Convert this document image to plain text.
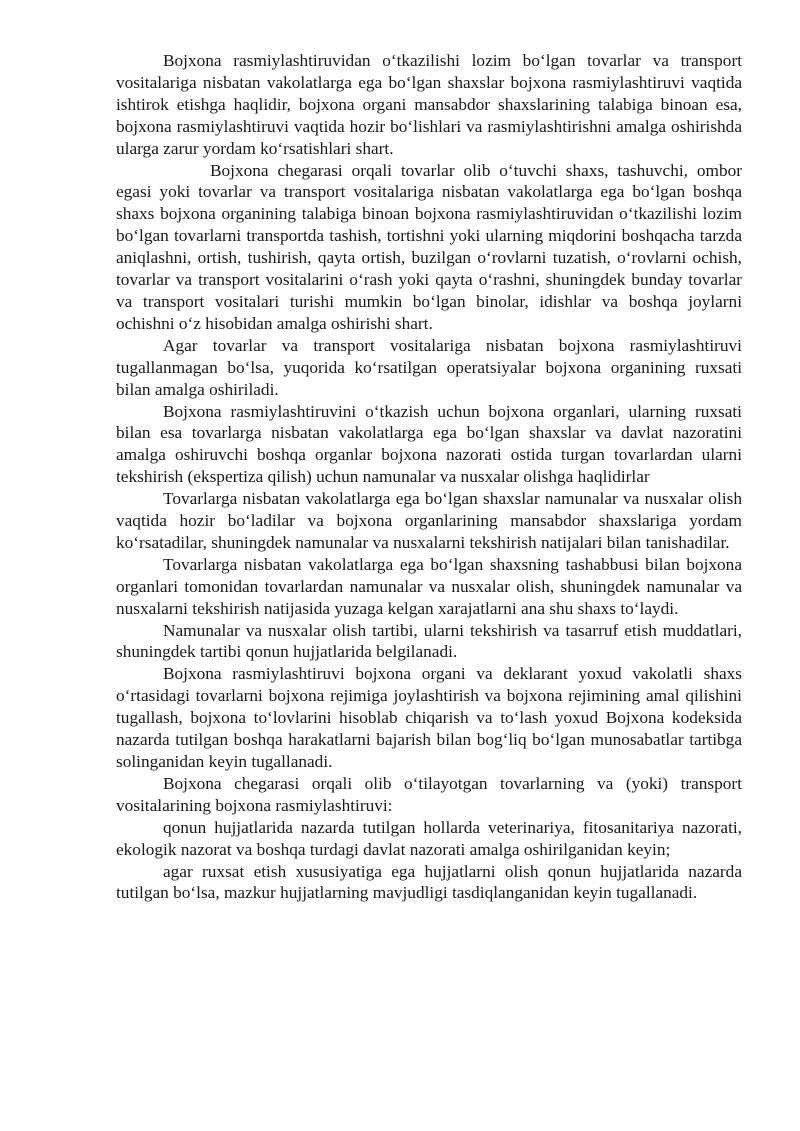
Bojxona rasmiylashtiruvidan o‘tkazilishi lozim bo‘lgan tovarlar va transport vositalariga nisbatan vakolatlarga ega bo‘lgan shaxslar bojxona rasmiylashtiruvi vaqtida ishtirok etishga haqlidir, bojxona organi mansabdor shaxslarining talabiga binoan esa, bojxona rasmiylashtiruvi vaqtida hozir bo‘lishlari va rasmiylashtirishni amalga oshirishda ularga zarur yordam ko‘rsatishlari shart.

Bojxona chegarasi orqali tovarlar olib o‘tuvchi shaxs, tashuvchi, ombor egasi yoki tovarlar va transport vositalariga nisbatan vakolatlarga ega bo‘lgan boshqa shaxs bojxona organining talabiga binoan bojxona rasmiylashtiruvidan o‘tkazilishi lozim bo‘lgan tovarlarni transportda tashish, tortishni yoki ularning miqdorini boshqacha tarzda aniqlashni, ortish, tushirish, qayta ortish, buzilgan o‘rovlarni tuzatish, o‘rovlarni ochish, tovarlar va transport vositalarini o‘rash yoki qayta o‘rashni, shuningdek bunday tovarlar va transport vositalari turishi mumkin bo‘lgan binolar, idishlar va boshqa joylarni ochishni o‘z hisobidan amalga oshirishi shart.

Agar tovarlar va transport vositalariga nisbatan bojxona rasmiylashtiruvi tugallanmagan bo‘lsa, yuqorida ko‘rsatilgan operatsiyalar bojxona organining ruxsati bilan amalga oshiriladi.

Bojxona rasmiylashtiruvini o‘tkazish uchun bojxona organlari, ularning ruxsati bilan esa tovarlarga nisbatan vakolatlarga ega bo‘lgan shaxslar va davlat nazoratini amalga oshiruvchi boshqa organlar bojxona nazorati ostida turgan tovarlardan ularni tekshirish (ekspertiza qilish) uchun namunalar va nusxalar olishga haqlidirlar

Tovarlarga nisbatan vakolatlarga ega bo‘lgan shaxslar namunalar va nusxalar olish vaqtida hozir bo‘ladilar va bojxona organlarining mansabdor shaxslariga yordam ko‘rsatadilar, shuningdek namunalar va nusxalarni tekshirish natijalari bilan tanishadilar.

Tovarlarga nisbatan vakolatlarga ega bo‘lgan shaxsning tashabbusi bilan bojxona organlari tomonidan tovarlardan namunalar va nusxalar olish, shuningdek namunalar va nusxalarni tekshirish natijasida yuzaga kelgan xarajatlarni ana shu shaxs to‘laydi.

Namunalar va nusxalar olish tartibi, ularni tekshirish va tasarruf etish muddatlari, shuningdek tartibi qonun hujjatlarida belgilanadi.

Bojxona rasmiylashtiruvi bojxona organi va deklarant yoxud vakolatli shaxs o‘rtasidagi tovarlarni bojxona rejimiga joylashtirish va bojxona rejimining amal qilishini tugallash, bojxona to‘lovlarini hisoblab chiqarish va to‘lash yoxud Bojxona kodeksida nazarda tutilgan boshqa harakatlarni bajarish bilan bog‘liq bo‘lgan munosabatlar tartibga solinganidan keyin tugallanadi.

Bojxona chegarasi orqali olib o‘tilayotgan tovarlarning va (yoki) transport vositalarining bojxona rasmiylashtiruvi:

qonun hujjatlarida nazarda tutilgan hollarda veterinariya, fitosanitariya nazorati, ekologik nazorat va boshqa turdagi davlat nazorati amalga oshirilganidan keyin;

agar ruxsat etish xususiyatiga ega hujjatlarni olish qonun hujjatlarida nazarda tutilgan bo‘lsa, mazkur hujjatlarning mavjudligi tasdiqlanganidan keyin tugallanadi.
